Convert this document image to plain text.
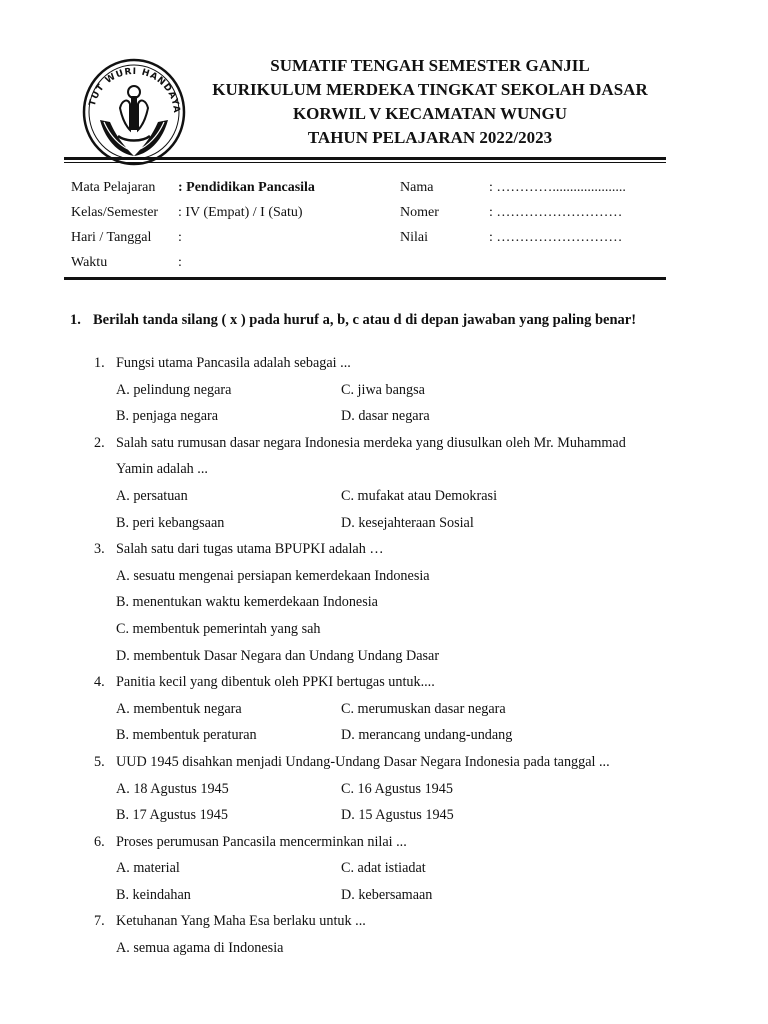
TUT WURI HANDAYA
SUMATIF TENGAH SEMESTER GANJIL
KURIKULUM MERDEKA TINGKAT SEKOLAH DASAR
KORWIL V KECAMATAN WUNGU
TAHUN PELAJARAN 2022/2023
Mata Pelajaran : Pendidikan Pancasila	Nama	: ………….....................
Kelas/Semester : IV (Empat) / I (Satu)	Nomer	: ………………………
Hari / Tanggal :	Nilai	: ………………………
Waktu	:
1. Berilah tanda silang ( x ) pada huruf a, b, c atau d di depan jawaban yang paling benar!
1. Fungsi utama Pancasila adalah sebagai ...
A. pelindung negara	C. jiwa bangsa
B. penjaga negara	D. dasar negara
2. Salah satu rumusan dasar negara Indonesia merdeka yang diusulkan oleh Mr. Muhammad Yamin adalah ...
A. persatuan	C. mufakat atau Demokrasi
B. peri kebangsaan	D. kesejahteraan Sosial
3. Salah satu dari tugas utama BPUPKI adalah …
A. sesuatu mengenai persiapan kemerdekaan Indonesia
B. menentukan waktu kemerdekaan Indonesia
C. membentuk pemerintah yang sah
D. membentuk Dasar Negara dan Undang Undang Dasar
4. Panitia kecil yang dibentuk oleh PPKI bertugas untuk....
A. membentuk negara	C. merumuskan dasar negara
B. membentuk peraturan	D. merancang undang-undang
5. UUD 1945 disahkan menjadi Undang-Undang Dasar Negara Indonesia pada tanggal ...
A. 18 Agustus 1945	C. 16 Agustus 1945
B. 17 Agustus 1945	D. 15 Agustus 1945
6. Proses perumusan Pancasila mencerminkan nilai ...
A. material	C. adat istiadat
B. keindahan	D. kebersamaan
7. Ketuhanan Yang Maha Esa berlaku untuk ...
A. semua agama di Indonesia
